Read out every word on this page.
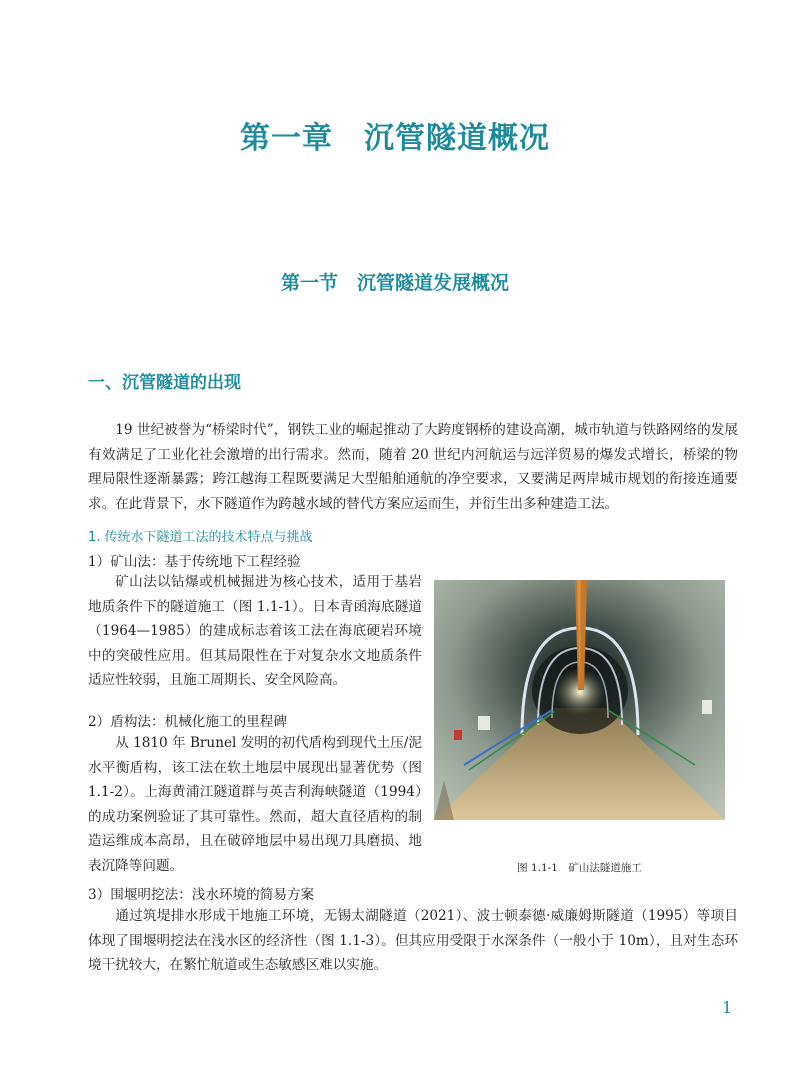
第一章　沉管隧道概况
第一节　沉管隧道发展概况
一、沉管隧道的出现

19 世纪被誉为“桥梁时代”，钢铁工业的崛起推动了大跨度钢桥的建设高潮，城市轨道与铁路网络的发展有效满足了工业化社会激增的出行需求。然而，随着 20 世纪内河航运与远洋贸易的爆发式增长，桥梁的物理局限性逐渐暴露；跨江越海工程既要满足大型船舶通航的净空要求，又要满足两岸城市规划的衔接连通要求。在此背景下，水下隧道作为跨越水域的替代方案应运而生，并衍生出多种建造工法。

1. 传统水下隧道工法的技术特点与挑战
1）矿山法：基于传统地下工程经验

矿山法以钻爆或机械掘进为核心技术，适用于基岩地质条件下的隧道施工（图 1.1-1）。日本青函海底隧道（1964—1985）的建成标志着该工法在海底硬岩环境中的突破性应用。但其局限性在于对复杂水文地质条件适应性较弱，且施工周期长、安全风险高。

2）盾构法：机械化施工的里程碑

从 1810 年 Brunel 发明的初代盾构到现代土压/泥水平衡盾构，该工法在软土地层中展现出显著优势（图 1.1-2）。上海黄浦江隧道群与英吉利海峡隧道（1994）的成功案例验证了其可靠性。然而，超大直径盾构的制造运维成本高昂，且在破碎地层中易出现刀具磨损、地表沉降等问题。

3）围堰明挖法：浅水环境的简易方案

通过筑堤排水形成干地施工环境，无锡太湖隧道（2021）、波士顿泰德·威廉姆斯隧道（1995）等项目体现了围堰明挖法在浅水区的经济性（图 1.1-3）。但其应用受限于水深条件（一般小于 10m），且对生态环境干扰较大，在繁忙航道或生态敏感区难以实施。

图 1.1-1　矿山法隧道施工
1
